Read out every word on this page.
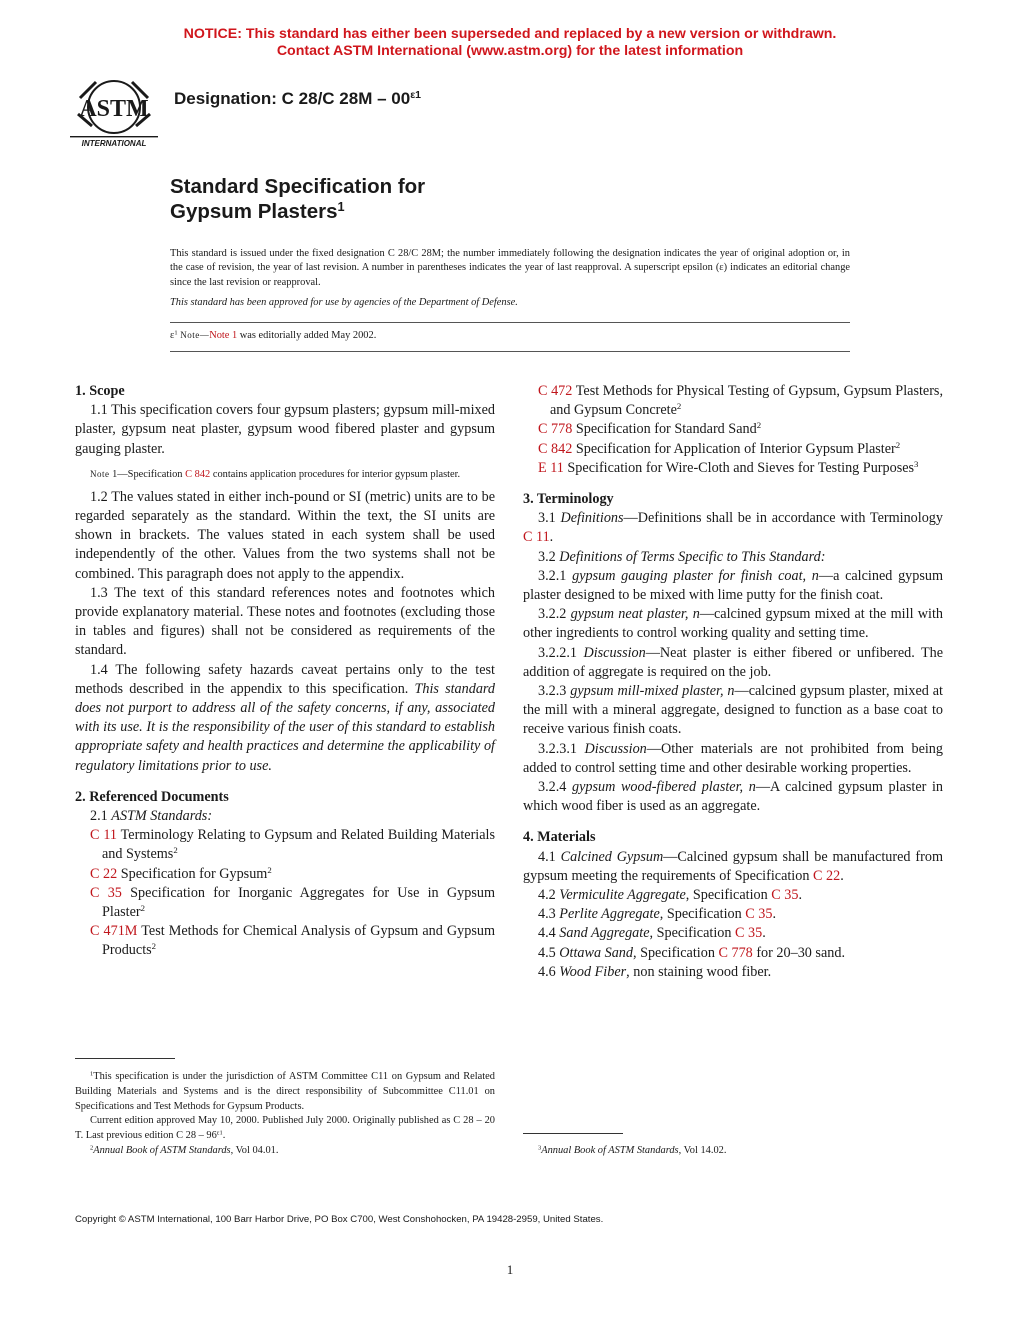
NOTICE: This standard has either been superseded and replaced by a new version or withdrawn.
Contact ASTM International (www.astm.org) for the latest information
ASTM
INTERNATIONAL
Designation: C 28/C $28M - 00^{\varepsilon 1}$
Standard Specification for
Gypsum Plasters$^1$

This standard is issued under the fixed designation C 28/C 28M; the number immediately following the designation indicates the year of original adoption or, in the case of revision, the year of last revision. A number in parentheses indicates the year of last reapproval. A superscript epsilon (ε) indicates an editorial change since the last revision or reapproval.

This standard has been approved for use by agencies of the Department of Defense.

$\varepsilon^1$ Note—Note 1 was editorially added May 2002.

1. Scope

1.1 This specification covers four gypsum plasters; gypsum mill-mixed plaster, gypsum neat plaster, gypsum wood fibered plaster and gypsum gauging plaster.

Note 1—Specification C 842 contains application procedures for interior gypsum plaster.

1.2 The values stated in either inch-pound or SI (metric) units are to be regarded separately as the standard. Within the text, the SI units are shown in brackets. The values stated in each system shall be used independently of the other. Values from the two systems shall not be combined. This paragraph does not apply to the appendix.

1.3 The text of this standard references notes and footnotes which provide explanatory material. These notes and footnotes (excluding those in tables and figures) shall not be considered as requirements of the standard.

1.4 The following safety hazards caveat pertains only to the test methods described in the appendix to this specification. This standard does not purport to address all of the safety concerns, if any, associated with its use. It is the responsibility of the user of this standard to establish appropriate safety and health practices and determine the applicability of regulatory limitations prior to use.

2. Referenced Documents

2.1 ASTM Standards:

C 11 Terminology Relating to Gypsum and Related Building Materials and Systems$^2$

C 22 Specification for Gypsum$^2$

C 35 Specification for Inorganic Aggregates for Use in Gypsum Plaster$^2$

C 471M Test Methods for Chemical Analysis of Gypsum and Gypsum Products$^2$

C 472 Test Methods for Physical Testing of Gypsum, Gypsum Plasters, and Gypsum Concrete$^2$

C 778 Specification for Standard Sand$^2$

C 842 Specification for Application of Interior Gypsum Plaster$^2$

E 11 Specification for Wire-Cloth and Sieves for Testing Purposes$^3$

3. Terminology

3.1 Definitions—Definitions shall be in accordance with Terminology C 11.

3.2 Definitions of Terms Specific to This Standard:

3.2.1 gypsum gauging plaster for finish coat, n—a calcined gypsum plaster designed to be mixed with lime putty for the finish coat.

3.2.2 gypsum neat plaster, n—calcined gypsum mixed at the mill with other ingredients to control working quality and setting time.

3.2.2.1 Discussion—Neat plaster is either fibered or unfibered. The addition of aggregate is required on the job.

3.2.3 gypsum mill-mixed plaster, n—calcined gypsum plaster, mixed at the mill with a mineral aggregate, designed to function as a base coat to receive various finish coats.

3.2.3.1 Discussion—Other materials are not prohibited from being added to control setting time and other desirable working properties.

3.2.4 gypsum wood-fibered plaster, n—A calcined gypsum plaster in which wood fiber is used as an aggregate.

4. Materials

4.1 Calcined Gypsum—Calcined gypsum shall be manufactured from gypsum meeting the requirements of Specification C 22.

4.2 Vermiculite Aggregate, Specification C 35.

4.3 Perlite Aggregate, Specification C 35.

4.4 Sand Aggregate, Specification C 35.

4.5 Ottawa Sand, Specification C 778 for 20–30 sand.

4.6 Wood Fiber, non staining wood fiber.

$^1$This specification is under the jurisdiction of ASTM Committee C11 on Gypsum and Related Building Materials and Systems and is the direct responsibility of Subcommittee C11.01 on Specifications and Test Methods for Gypsum Products.

Current edition approved May 10, 2000. Published July 2000. Originally published as C 28 – 20 T. Last previous edition C $28 - 96^{\varepsilon 1}$.

$^2$Annual Book of ASTM Standards, Vol 04.01.	$^3$Annual Book of ASTM Standards, Vol 14.02.

Copyright © ASTM International, 100 Barr Harbor Drive, PO Box C700, West Conshohocken, PA 19428-2959, United States.
1
